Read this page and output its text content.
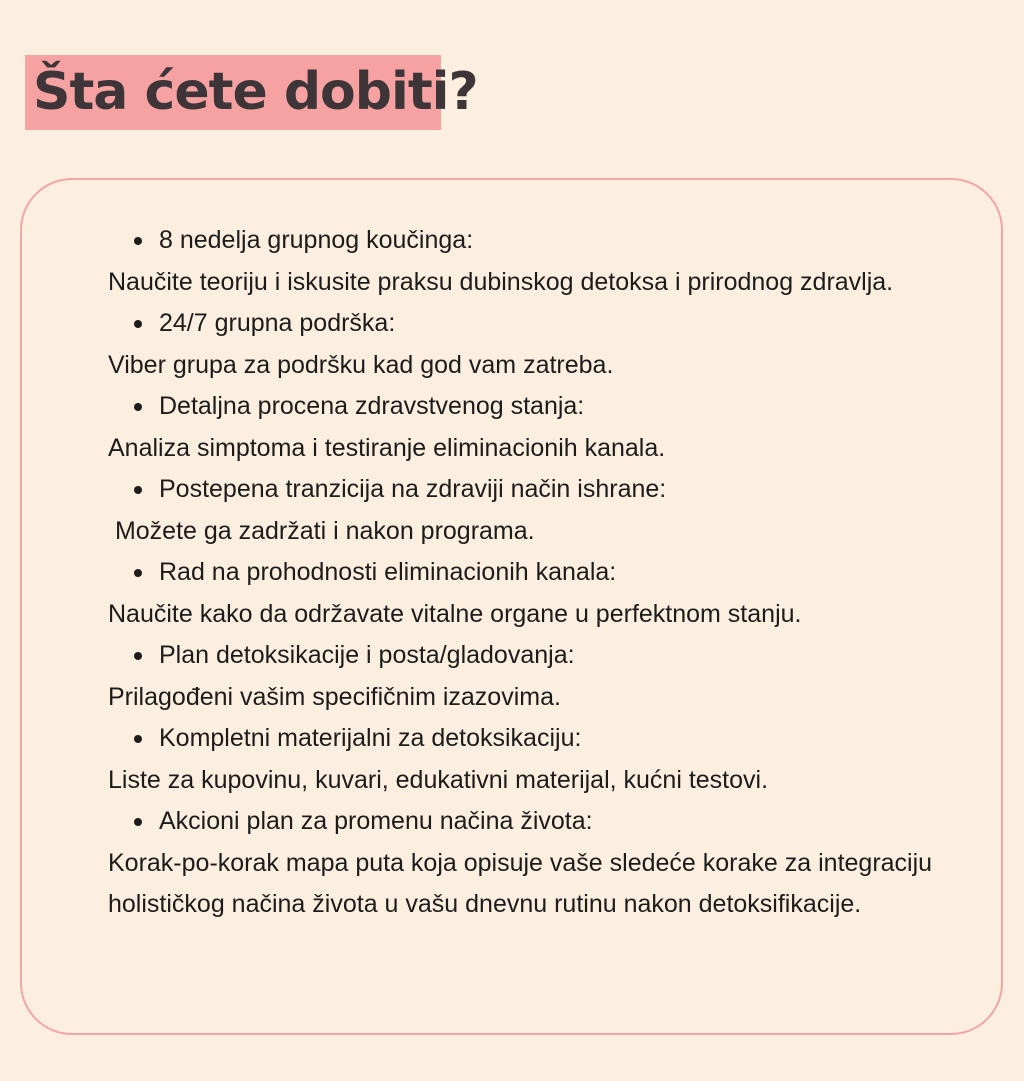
Šta ćete dobiti?
8 nedelja grupnog koučinga:
Naučite teoriju i iskusite praksu dubinskog detoksa i prirodnog zdravlja.
24/7 grupna podrška:
Viber grupa za podršku kad god vam zatreba.
Detaljna procena zdravstvenog stanja:
Analiza simptoma i testiranje eliminacionih kanala.
Postepena tranzicija na zdraviji način ishrane:
Možete ga zadržati i nakon programa.
Rad na prohodnosti eliminacionih kanala:
Naučite kako da održavate vitalne organe u perfektnom stanju.
Plan detoksikacije i posta/gladovanja:
Prilagođeni vašim specifičnim izazovima.
Kompletni materijalni za detoksikaciju:
Liste za kupovinu, kuvari, edukativni materijal, kućni testovi.
Akcioni plan za promenu načina života:
Korak-po-korak mapa puta koja opisuje vaše sledeće korake za integraciju holističkog načina života u vašu dnevnu rutinu nakon detoksifikacije.
